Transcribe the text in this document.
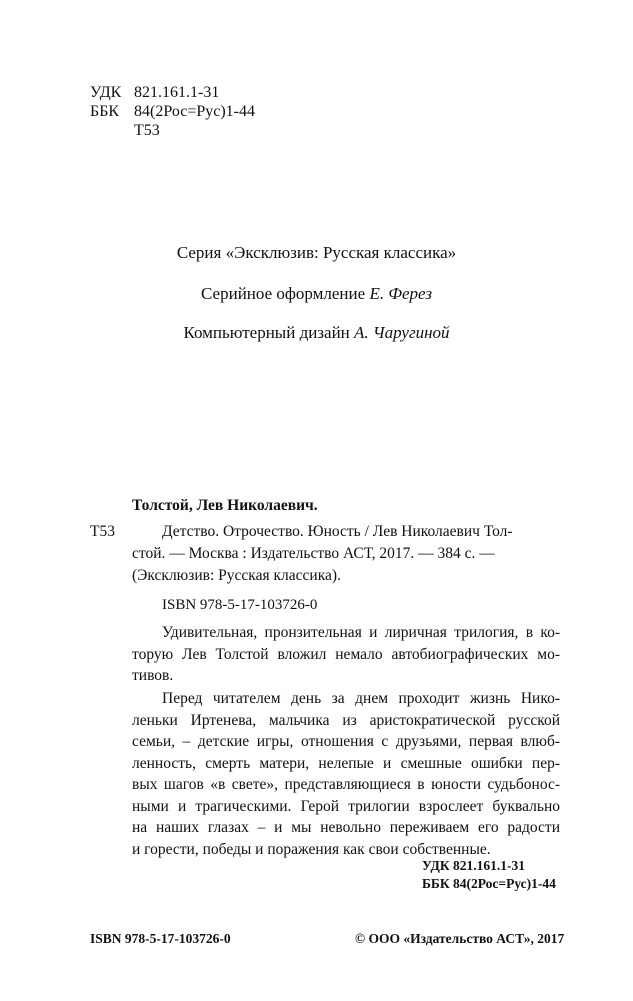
УДК 821.161.1-31
ББК 84(2Рос=Рус)1-44
Т53
Серия «Эксклюзив: Русская классика»
Серийное оформление Е. Ферез
Компьютерный дизайн А. Чаругиной
Толстой, Лев Николаевич.
Т53	Детство. Отрочество. Юность / Лев Николаевич Тол-
стой. — Москва : Издательство АСТ, 2017. — 384 с. —
(Эксклюзив: Русская классика).
ISBN 978-5-17-103726-0
Удивительная, пронзительная и лиричная трилогия, в ко-
торую Лев Толстой вложил немало автобиографических мо-
тивов.
Перед читателем день за днем проходит жизнь Нико-
леньки Иртенева, мальчика из аристократической русской
семьи, – детские игры, отношения с друзьями, первая влюб-
ленность, смерть матери, нелепые и смешные ошибки пер-
вых шагов «в свете», представляющиеся в юности судьбонос-
ными и трагическими. Герой трилогии взрослеет буквально
на наших глазах – и мы невольно переживаем его радости
и горести, победы и поражения как свои собственные.
УДК 821.161.1-31
ББК 84(2Рос=Рус)1-44
ISBN 978-5-17-103726-0	© ООО «Издательство АСТ», 2017
